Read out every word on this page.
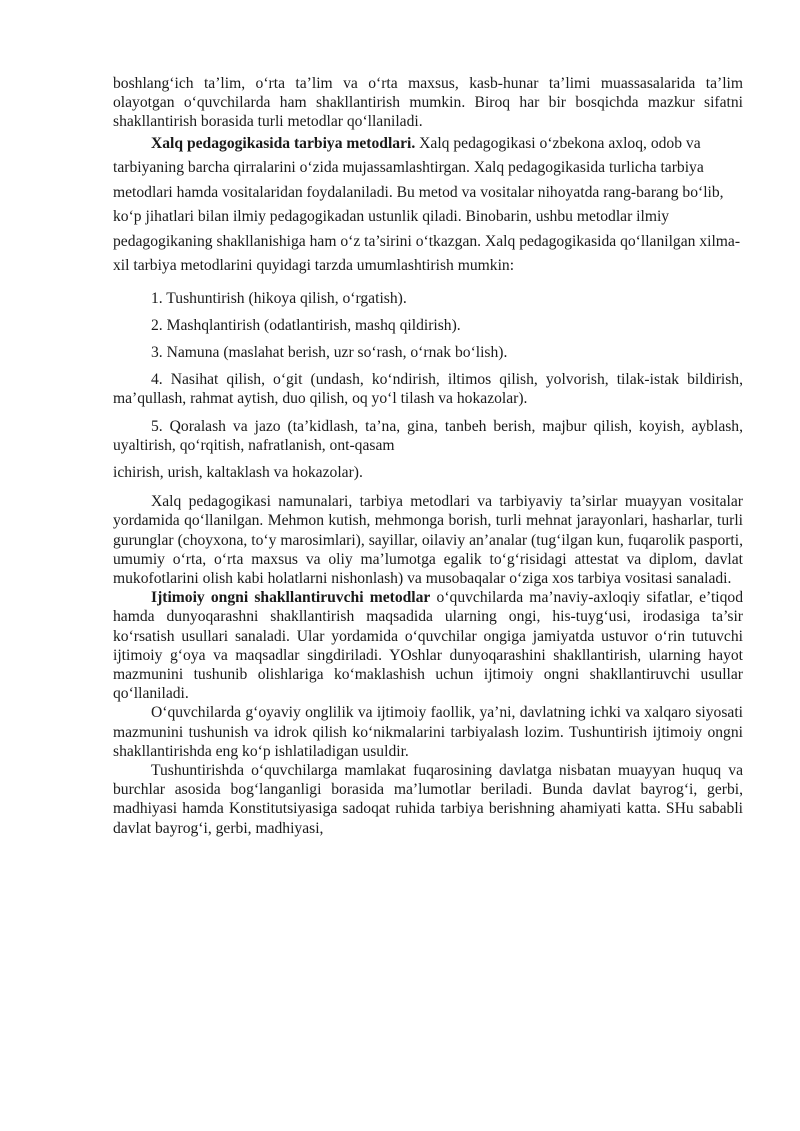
boshlang‘ich ta’lim, o‘rta ta’lim va o‘rta maxsus, kasb-hunar ta’limi muassasalarida ta’lim olayotgan o‘quvchilarda ham shakllantirish mumkin. Biroq har bir bosqichda mazkur sifatni shakllantirish borasida turli metodlar qo‘llaniladi.

Xalq pedagogikasida tarbiya metodlari. Xalq pedagogikasi o‘zbekona axloq, odob va tarbiyaning barcha qirralarini o‘zida mujassamlashtirgan. Xalq pedagogikasida turlicha tarbiya metodlari hamda vositalaridan foydalaniladi. Bu metod va vositalar nihoyatda rang-barang bo‘lib, ko‘p jihatlari bilan ilmiy pedagogikadan ustunlik qiladi. Binobarin, ushbu metodlar ilmiy pedagogikaning shakllanishiga ham o‘z ta’sirini o‘tkazgan. Xalq pedagogikasida qo‘llanilgan xilma-xil tarbiya metodlarini quyidagi tarzda umumlashtirish mumkin:

1. Tushuntirish (hikoya qilish, o‘rgatish).

2. Mashqlantirish (odatlantirish, mashq qildirish).

3. Namuna (maslahat berish, uzr so‘rash, o‘rnak bo‘lish).

4. Nasihat qilish, o‘git (undash, ko‘ndirish, iltimos qilish, yolvorish, tilak-istak bildirish, ma’qullash, rahmat aytish, duo qilish, oq yo‘l tilash va hokazolar).

5. Qoralash va jazo (ta’kidlash, ta’na, gina, tanbeh berish, majbur qilish, koyish, ayblash, uyaltirish, qo‘rqitish, nafratlanish, ont-qasam

ichirish, urish, kaltaklash va hokazolar).

Xalq pedagogikasi namunalari, tarbiya metodlari va tarbiyaviy ta’sirlar muayyan vositalar yordamida qo‘llanilgan. Mehmon kutish, mehmonga borish, turli mehnat jarayonlari, hasharlar, turli gurunglar (choyxona, to‘y marosimlari), sayillar, oilaviy an’analar (tug‘ilgan kun, fuqarolik pasporti, umumiy o‘rta, o‘rta maxsus va oliy ma’lumotga egalik to‘g‘risidagi attestat va diplom, davlat mukofotlarini olish kabi holatlarni nishonlash) va musobaqalar o‘ziga xos tarbiya vositasi sanaladi.

Ijtimoiy ongni shakllantiruvchi metodlar o‘quvchilarda ma’naviy-axloqiy sifatlar, e’tiqod hamda dunyoqarashni shakllantirish maqsadida ularning ongi, his-tuyg‘usi, irodasiga ta’sir ko‘rsatish usullari sanaladi. Ular yordamida o‘quvchilar ongiga jamiyatda ustuvor o‘rin tutuvchi ijtimoiy g‘oya va maqsadlar singdiriladi. YOshlar dunyoqarashini shakllantirish, ularning hayot mazmunini tushunib olishlariga ko‘maklashish uchun ijtimoiy ongni shakllantiruvchi usullar qo‘llaniladi.

O‘quvchilarda g‘oyaviy onglilik va ijtimoiy faollik, ya’ni, davlatning ichki va xalqaro siyosati mazmunini tushunish va idrok qilish ko‘nikmalarini tarbiyalash lozim. Tushuntirish ijtimoiy ongni shakllantirishda eng ko‘p ishlatiladigan usuldir.

Tushuntirishda o‘quvchilarga mamlakat fuqarosining davlatga nisbatan muayyan huquq va burchlar asosida bog‘langanligi borasida ma’lumotlar beriladi. Bunda davlat bayrog‘i, gerbi, madhiyasi hamda Konstitutsiyasiga sadoqat ruhida tarbiya berishning ahamiyati katta. SHu sababli davlat bayrog‘i, gerbi, madhiyasi,
